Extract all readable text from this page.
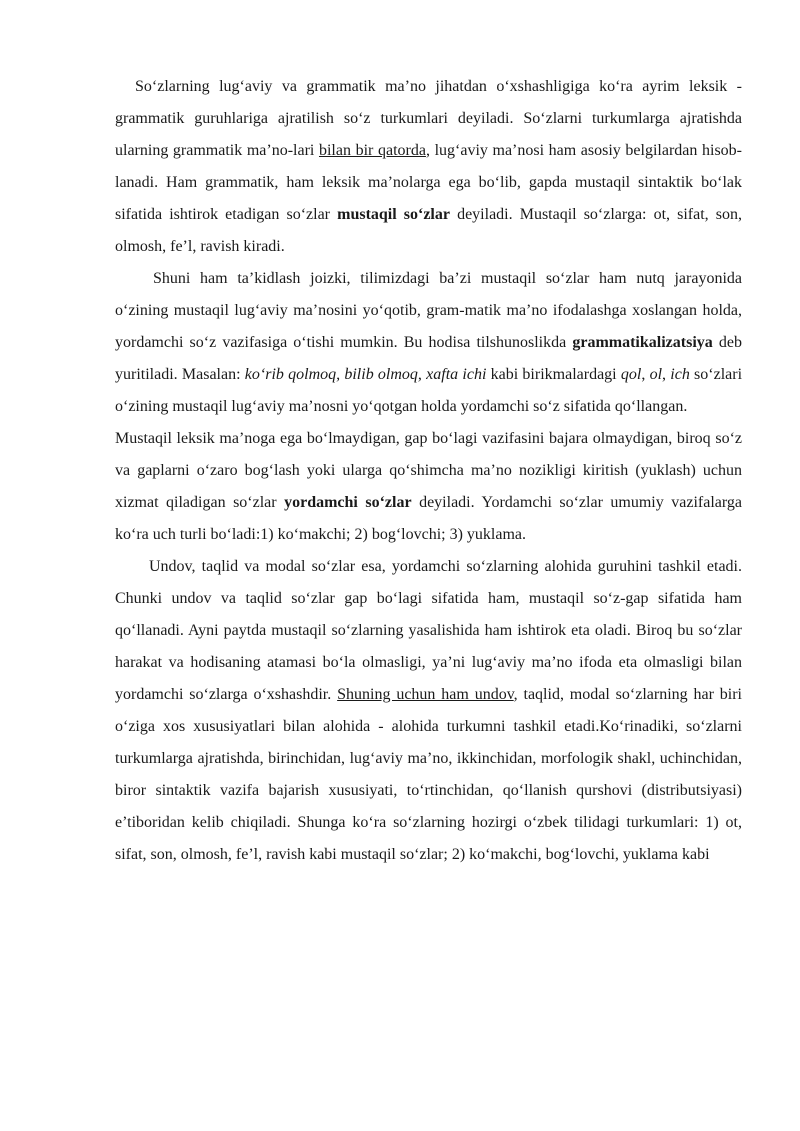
So‘zlarning lug‘aviy va grammatik ma’no jihatdan o‘xshashligiga ko‘ra ayrim leksik - grammatik guruhlariga ajratilish so‘z turkumlari deyiladi. So‘zlarni turkumlarga ajratishda ularning grammatik ma’no-lari bilan bir qatorda, lug‘aviy ma’nosi ham asosiy belgilardan hisob-lanadi. Ham grammatik, ham leksik ma’nolarga ega bo‘lib, gapda mustaqil sintaktik bo‘lak sifatida ishtirok etadigan so‘zlar mustaqil so‘zlar deyiladi. Mustaqil so‘zlarga: ot, sifat, son, olmosh, fe’l, ravish kiradi.

Shuni ham ta’kidlash joizki, tilimizdagi ba’zi mustaqil so‘zlar ham nutq jarayonida o‘zining mustaqil lug‘aviy ma’nosini yo‘qotib, gram-matik ma’no ifodalashga xoslangan holda, yordamchi so‘z vazifasiga o‘tishi mumkin. Bu hodisa tilshunoslikda grammatikalizatsiya deb yuritiladi. Masalan: ko‘rib qolmoq, bilib olmoq, xafta ichi kabi birikmalardagi qol, ol, ich so‘zlari o‘zining mustaqil lug‘aviy ma’nosni yo‘qotgan holda yordamchi so‘z sifatida qo‘llangan.

Mustaqil leksik ma’noga ega bo‘lmaydigan, gap bo‘lagi vazifasini bajara olmaydigan, biroq so‘z va gaplarni o‘zaro bog‘lash yoki ularga qo‘shimcha ma’no nozikligi kiritish (yuklash) uchun xizmat qiladigan so‘zlar yordamchi so‘zlar deyiladi. Yordamchi so‘zlar umumiy vazifalarga ko‘ra uch turli bo‘ladi:1) ko‘makchi; 2) bog‘lovchi; 3) yuklama.

Undov, taqlid va modal so‘zlar esa, yordamchi so‘zlarning alohida guruhini tashkil etadi. Chunki undov va taqlid so‘zlar gap bo‘lagi sifatida ham, mustaqil so‘z-gap sifatida ham qo‘llanadi. Ayni paytda mustaqil so‘zlarning yasalishida ham ishtirok eta oladi. Biroq bu so‘zlar harakat va hodisaning atamasi bo‘la olmasligi, ya’ni lug‘aviy ma’no ifoda eta olmasligi bilan yordamchi so‘zlarga o‘xshashdir. Shuning uchun ham undov, taqlid, modal so‘zlarning har biri o‘ziga xos xususiyatlari bilan alohida - alohida turkumni tashkil etadi.Ko‘rinadiki, so‘zlarni turkumlarga ajratishda, birinchidan, lug‘aviy ma’no, ikkinchidan, morfologik shakl, uchinchidan, biror sintaktik vazifa bajarish xususiyati, to‘rtinchidan, qo‘llanish qurshovi (distributsiyasi) e’tiboridan kelib chiqiladi. Shunga ko‘ra so‘zlarning hozirgi o‘zbek tilidagi turkumlari: 1) ot, sifat, son, olmosh, fe’l, ravish kabi mustaqil so‘zlar; 2) ko‘makchi, bog‘lovchi, yuklama kabi
